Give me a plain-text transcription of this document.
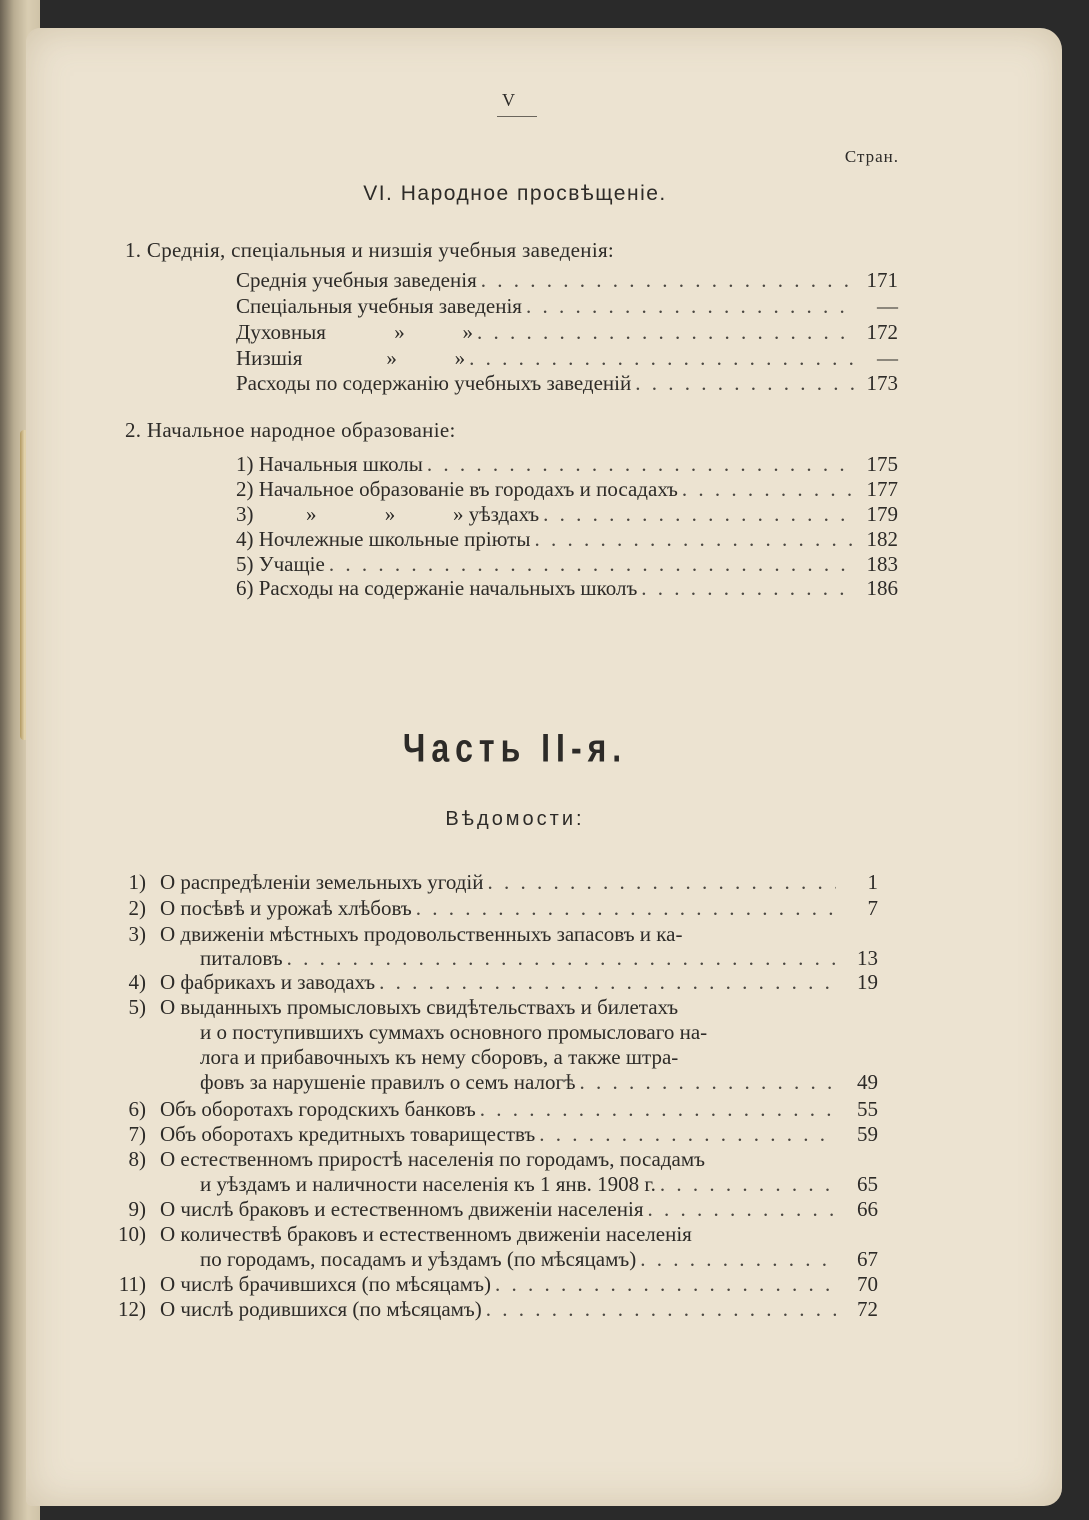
V
Стран.
VI. Народное просвѣщеніе.
1. Среднія, спеціальныя и низшія учебныя заведенія:
Среднія учебныя заведенія . . .	171
Спеціальныя учебныя заведенія . . .	—
Духовныя             »           » . . .	172
Низшія                »           » . . .	—
Расходы по содержанію учебныхъ заведеній . . .	173
2. Начальное народное образованіе:
1) Начальныя школы . . .	175
2) Начальное образованіе въ городахъ и посадахъ . . .	177
3)          »             »           » уѣздахъ . . .	179
4) Ночлежные школьные пріюты . . .	182
5) Учащіе . . .	183
6) Расходы на содержаніе начальныхъ школъ . . .	186
Часть II-я.
Вѣдомости:
1) О распредѣленіи земельныхъ угодій . . .	1
2) О посѣвѣ и урожаѣ хлѣбовъ . . .	7
3) О движеніи мѣстныхъ продовольственныхъ запасовъ и ка-
питаловъ . . .	13
4) О фабрикахъ и заводахъ . . .	19
5) О выданныхъ промысловыхъ свидѣтельствахъ и билетахъ
и о поступившихъ суммахъ основного промысловаго на-
лога и прибавочныхъ къ нему сборовъ, а также штра-
фовъ за нарушеніе правилъ о семъ налогѣ . . .	49
6) Объ оборотахъ городскихъ банковъ . . .	55
7) Объ оборотахъ кредитныхъ товариществъ . . .	59
8) О естественномъ приростѣ населенія по городамъ, посадамъ
и уѣздамъ и наличности населенія къ 1 янв. 1908 г. . . .	65
9) О числѣ браковъ и естественномъ движеніи населенія . . .	66
10) О количествѣ браковъ и естественномъ движеніи населенія
по городамъ, посадамъ и уѣздамъ (по мѣсяцамъ) . . .	67
11) О числѣ брачившихся (по мѣсяцамъ) . . .	70
12) О числѣ родившихся (по мѣсяцамъ) . . .	72
